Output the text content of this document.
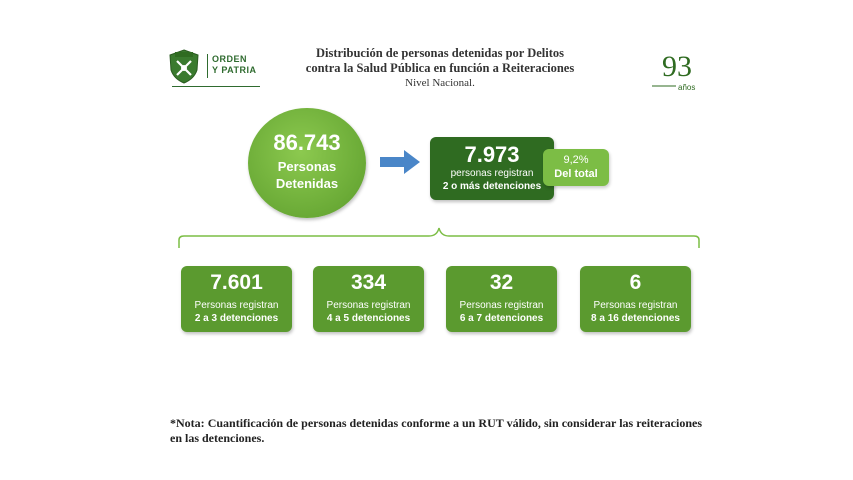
ORDEN
Y PATRIA
Distribución de personas detenidas por Delitos
contra la Salud Pública en función a Reiteraciones
Nivel Nacional.	93
años
86.743
Personas
Detenidas
7.973
personas registran
2 o más detenciones
9,2%
Del total
7.601
Personas registran
2 a 3 detenciones
334
Personas registran
4 a 5 detenciones
32
Personas registran
6 a 7 detenciones
6
Personas registran
8 a 16 detenciones
*Nota: Cuantificación de personas detenidas conforme a un RUT válido, sin considerar las reiteraciones en las detenciones.
